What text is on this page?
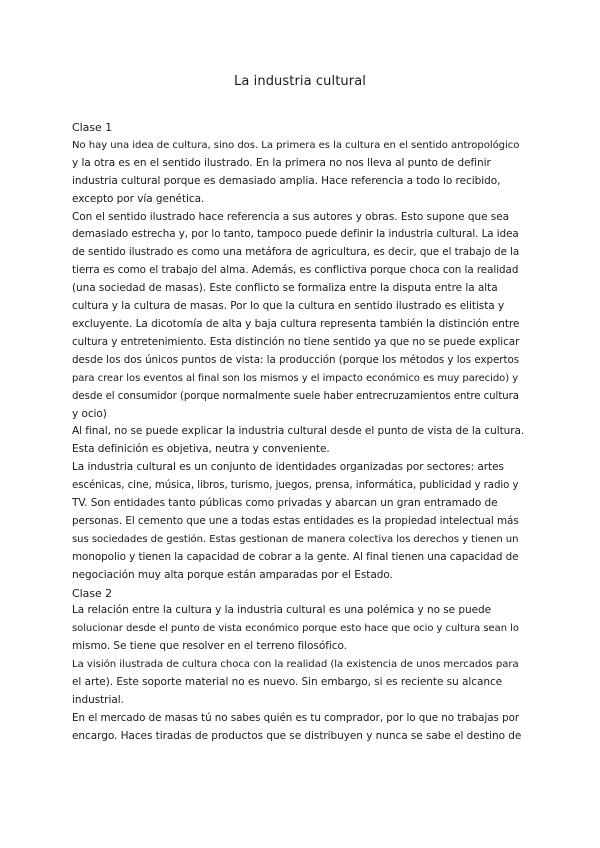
La industria cultural
Clase 1
No hay una idea de cultura, sino dos. La primera es la cultura en el sentido antropológico
y la otra es en el sentido ilustrado. En la primera no nos lleva al punto de definir
industria cultural porque es demasiado amplia. Hace referencia a todo lo recibido,
excepto por vía genética.
Con el sentido ilustrado hace referencia a sus autores y obras. Esto supone que sea
demasiado estrecha y, por lo tanto, tampoco puede definir la industria cultural. La idea
de sentido ilustrado es como una metáfora de agricultura, es decir, que el trabajo de la
tierra es como el trabajo del alma. Además, es conflictiva porque choca con la realidad
(una sociedad de masas). Este conflicto se formaliza entre la disputa entre la alta
cultura y la cultura de masas. Por lo que la cultura en sentido ilustrado es elitista y
excluyente. La dicotomía de alta y baja cultura representa también la distinción entre
cultura y entretenimiento. Esta distinción no tiene sentido ya que no se puede explicar
desde los dos únicos puntos de vista: la producción (porque los métodos y los expertos
para crear los eventos al final son los mismos y el impacto económico es muy parecido) y
desde el consumidor (porque normalmente suele haber entrecruzamientos entre cultura
y ocio)
Al final, no se puede explicar la industria cultural desde el punto de vista de la cultura.
Esta definición es objetiva, neutra y conveniente.
La industria cultural es un conjunto de identidades organizadas por sectores: artes
escénicas, cine, música, libros, turismo, juegos, prensa, informática, publicidad y radio y
TV. Son entidades tanto públicas como privadas y abarcan un gran entramado de
personas. El cemento que une a todas estas entidades es la propiedad intelectual más
sus sociedades de gestión. Estas gestionan de manera colectiva los derechos y tienen un
monopolio y tienen la capacidad de cobrar a la gente. Al final tienen una capacidad de
negociación muy alta porque están amparadas por el Estado.
Clase 2
La relación entre la cultura y la industria cultural es una polémica y no se puede
solucionar desde el punto de vista económico porque esto hace que ocio y cultura sean lo
mismo. Se tiene que resolver en el terreno filosófico.
La visión ilustrada de cultura choca con la realidad (la existencia de unos mercados para
el arte). Este soporte material no es nuevo. Sin embargo, si es reciente su alcance
industrial.
En el mercado de masas tú no sabes quién es tu comprador, por lo que no trabajas por
encargo. Haces tiradas de productos que se distribuyen y nunca se sabe el destino de
